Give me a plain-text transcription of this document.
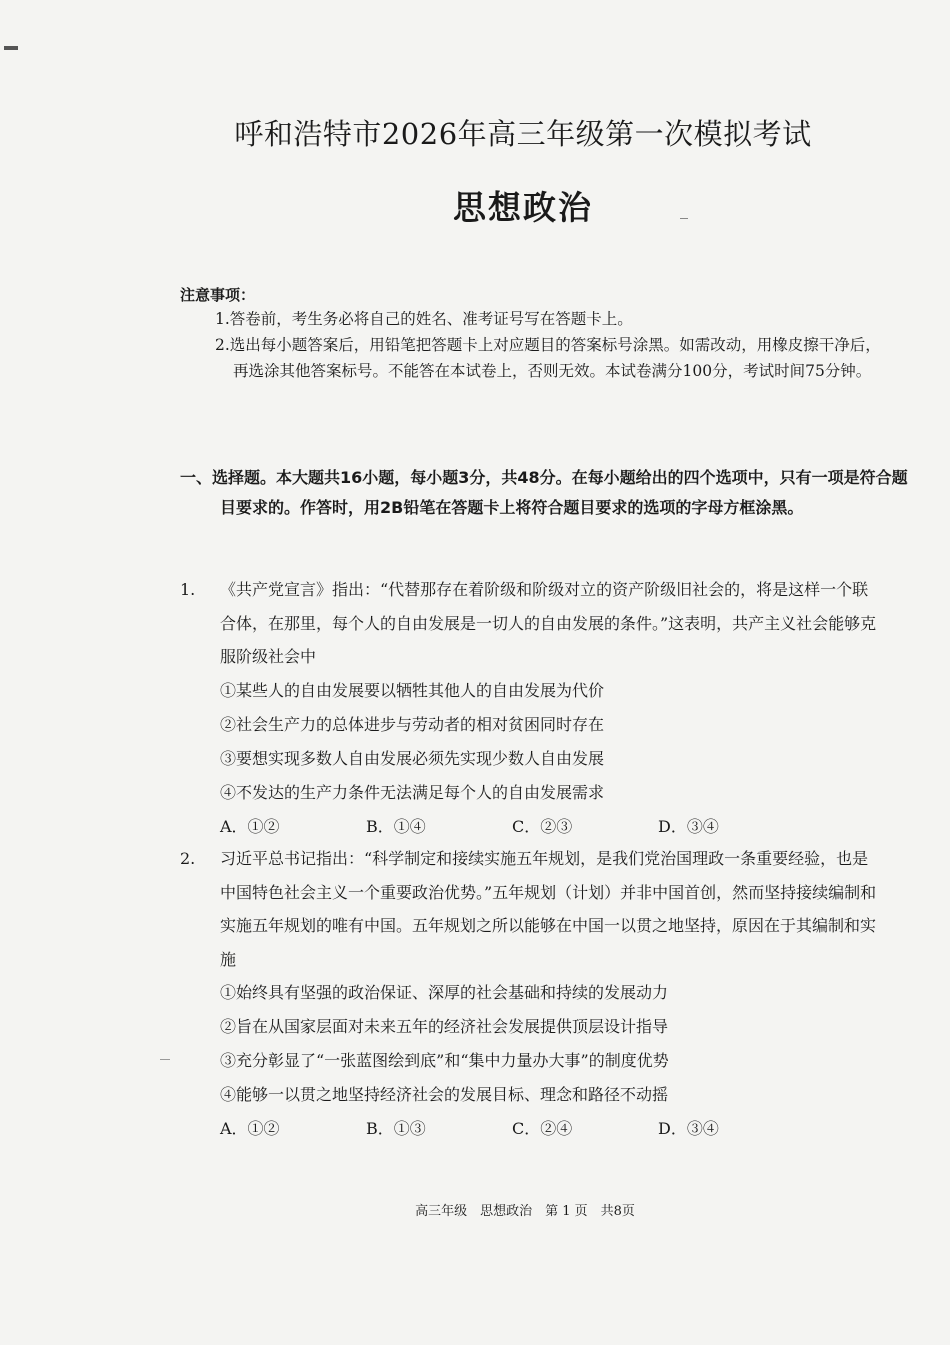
呼和浩特市2026年高三年级第一次模拟考试
思想政治
注意事项：
1.答卷前，考生务必将自己的姓名、准考证号写在答题卡上。
2.选出每小题答案后，用铅笔把答题卡上对应题目的答案标号涂黑。如需改动，用橡皮擦干净后，再选涂其他答案标号。不能答在本试卷上，否则无效。本试卷满分100分，考试时间75分钟。
一、选择题。本大题共16小题，每小题3分，共48分。在每小题给出的四个选项中，只有一项是符合题目要求的。作答时，用2B铅笔在答题卡上将符合题目要求的选项的字母方框涂黑。
1. 《共产党宣言》指出：“代替那存在着阶级和阶级对立的资产阶级旧社会的，将是这样一个联合体，在那里，每个人的自由发展是一切人的自由发展的条件。”这表明，共产主义社会能够克服阶级社会中
①某些人的自由发展要以牺牲其他人的自由发展为代价
②社会生产力的总体进步与劳动者的相对贫困同时存在
③要想实现多数人自由发展必须先实现少数人自由发展
④不发达的生产力条件无法满足每个人的自由发展需求
A．①②	B．①④	C．②③	D．③④
2. 习近平总书记指出：“科学制定和接续实施五年规划，是我们党治国理政一条重要经验，也是中国特色社会主义一个重要政治优势。”五年规划（计划）并非中国首创，然而坚持接续编制和实施五年规划的唯有中国。五年规划之所以能够在中国一以贯之地坚持，原因在于其编制和实施
①始终具有坚强的政治保证、深厚的社会基础和持续的发展动力
②旨在从国家层面对未来五年的经济社会发展提供顶层设计指导
③充分彰显了“一张蓝图绘到底”和“集中力量办大事”的制度优势
④能够一以贯之地坚持经济社会的发展目标、理念和路径不动摇
A．①②	B．①③	C．②④	D．③④
高三年级　思想政治　第 1 页　共8页
